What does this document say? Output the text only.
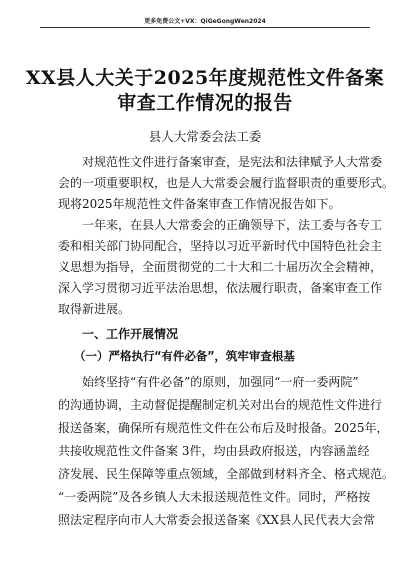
更多免费公文+VX：QiGeGongWen2024
XX县人大关于2025年度规范性文件备案
审查工作情况的报告
县人大常委会法工委
对规范性文件进行备案审查，是宪法和法律赋予人大常委
会的一项重要职权，也是人大常委会履行监督职责的重要形式。
现将2025年规范性文件备案审查工作情况报告如下。
一年来，在县人大常委会的正确领导下，法工委与各专工
委和相关部门协同配合，坚持以习近平新时代中国特色社会主
义思想为指导，全面贯彻党的二十大和二十届历次全会精神，
深入学习贯彻习近平法治思想，依法履行职责，备案审查工作
取得新进展。
一、工作开展情况
（一）严格执行“有件必备”，筑牢审查根基
始终坚持“有件必备”的原则，加强同“一府一委两院”
的沟通协调，主动督促提醒制定机关对出台的规范性文件进行
报送备案，确保所有规范性文件在公布后及时报备。2025年，
共接收规范性文件备案 3件，均由县政府报送，内容涵盖经
济发展、民生保障等重点领域，全部做到材料齐全、格式规范。
“一委两院”及各乡镇人大未报送规范性文件。同时，严格按
照法定程序向市人大常委会报送备案《XX县人民代表大会常
